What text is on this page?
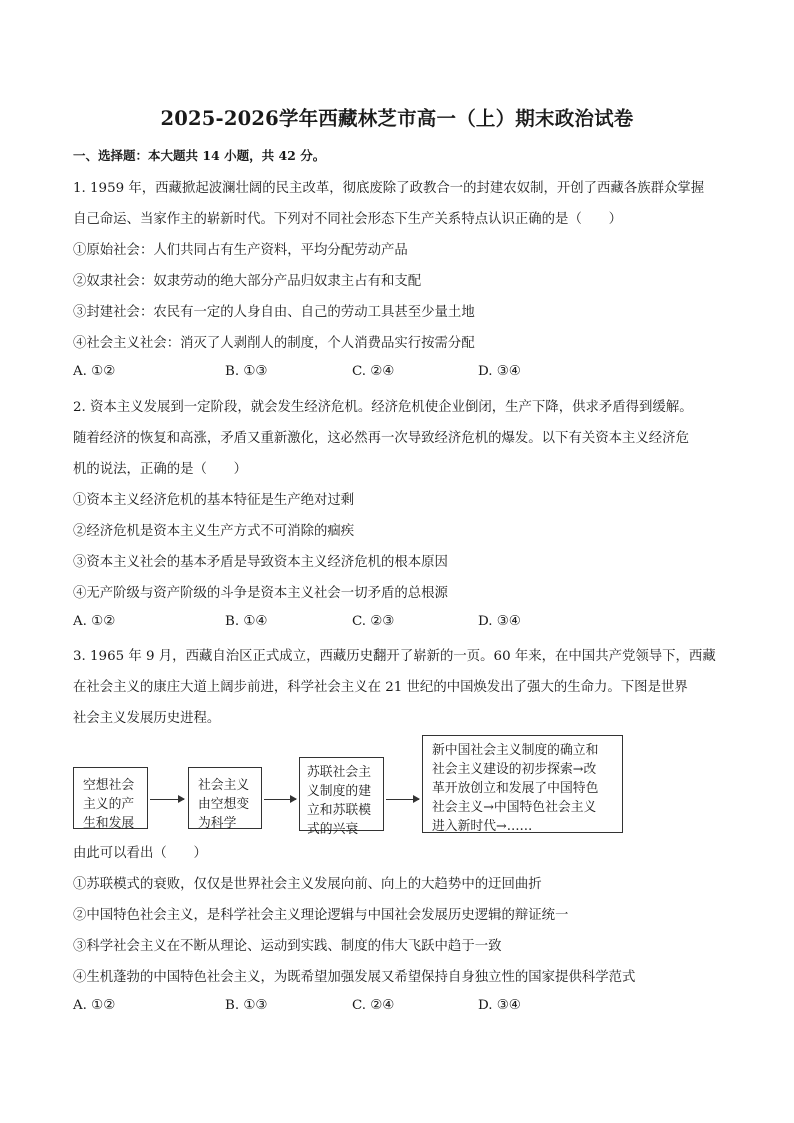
2025-2026学年西藏林芝市高一（上）期末政治试卷
一、选择题：本大题共 14 小题，共 42 分。
1. 1959 年，西藏掀起波澜壮阔的民主改革，彻底废除了政教合一的封建农奴制，开创了西藏各族群众掌握
自己命运、当家作主的崭新时代。下列对不同社会形态下生产关系特点认识正确的是（　　）
①原始社会：人们共同占有生产资料，平均分配劳动产品
②奴隶社会：奴隶劳动的绝大部分产品归奴隶主占有和支配
③封建社会：农民有一定的人身自由、自己的劳动工具甚至少量土地
④社会主义社会：消灭了人剥削人的制度，个人消费品实行按需分配
A. ①②	B. ①③	C. ②④	D. ③④
2. 资本主义发展到一定阶段，就会发生经济危机。经济危机使企业倒闭，生产下降，供求矛盾得到缓解。
随着经济的恢复和高涨，矛盾又重新激化，这必然再一次导致经济危机的爆发。以下有关资本主义经济危
机的说法，正确的是（　　）
①资本主义经济危机的基本特征是生产绝对过剩
②经济危机是资本主义生产方式不可消除的痼疾
③资本主义社会的基本矛盾是导致资本主义经济危机的根本原因
④无产阶级与资产阶级的斗争是资本主义社会一切矛盾的总根源
A. ①②	B. ①④	C. ②③	D. ③④
3. 1965 年 9 月，西藏自治区正式成立，西藏历史翻开了崭新的一页。60 年来，在中国共产党领导下，西藏
在社会主义的康庄大道上阔步前进，科学社会主义在 21 世纪的中国焕发出了强大的生命力。下图是世界
社会主义发展历史进程。
空想社会
主义的产
生和发展
社会主义
由空想变
为科学
苏联社会主
义制度的建
立和苏联模
式的兴衰
新中国社会主义制度的确立和
社会主义建设的初步探索→改
革开放创立和发展了中国特色
社会主义→中国特色社会主义
进入新时代→……
由此可以看出（　　）
①苏联模式的衰败，仅仅是世界社会主义发展向前、向上的大趋势中的迂回曲折
②中国特色社会主义，是科学社会主义理论逻辑与中国社会发展历史逻辑的辩证统一
③科学社会主义在不断从理论、运动到实践、制度的伟大飞跃中趋于一致
④生机蓬勃的中国特色社会主义，为既希望加强发展又希望保持自身独立性的国家提供科学范式
A. ①②	B. ①③	C. ②④	D. ③④
